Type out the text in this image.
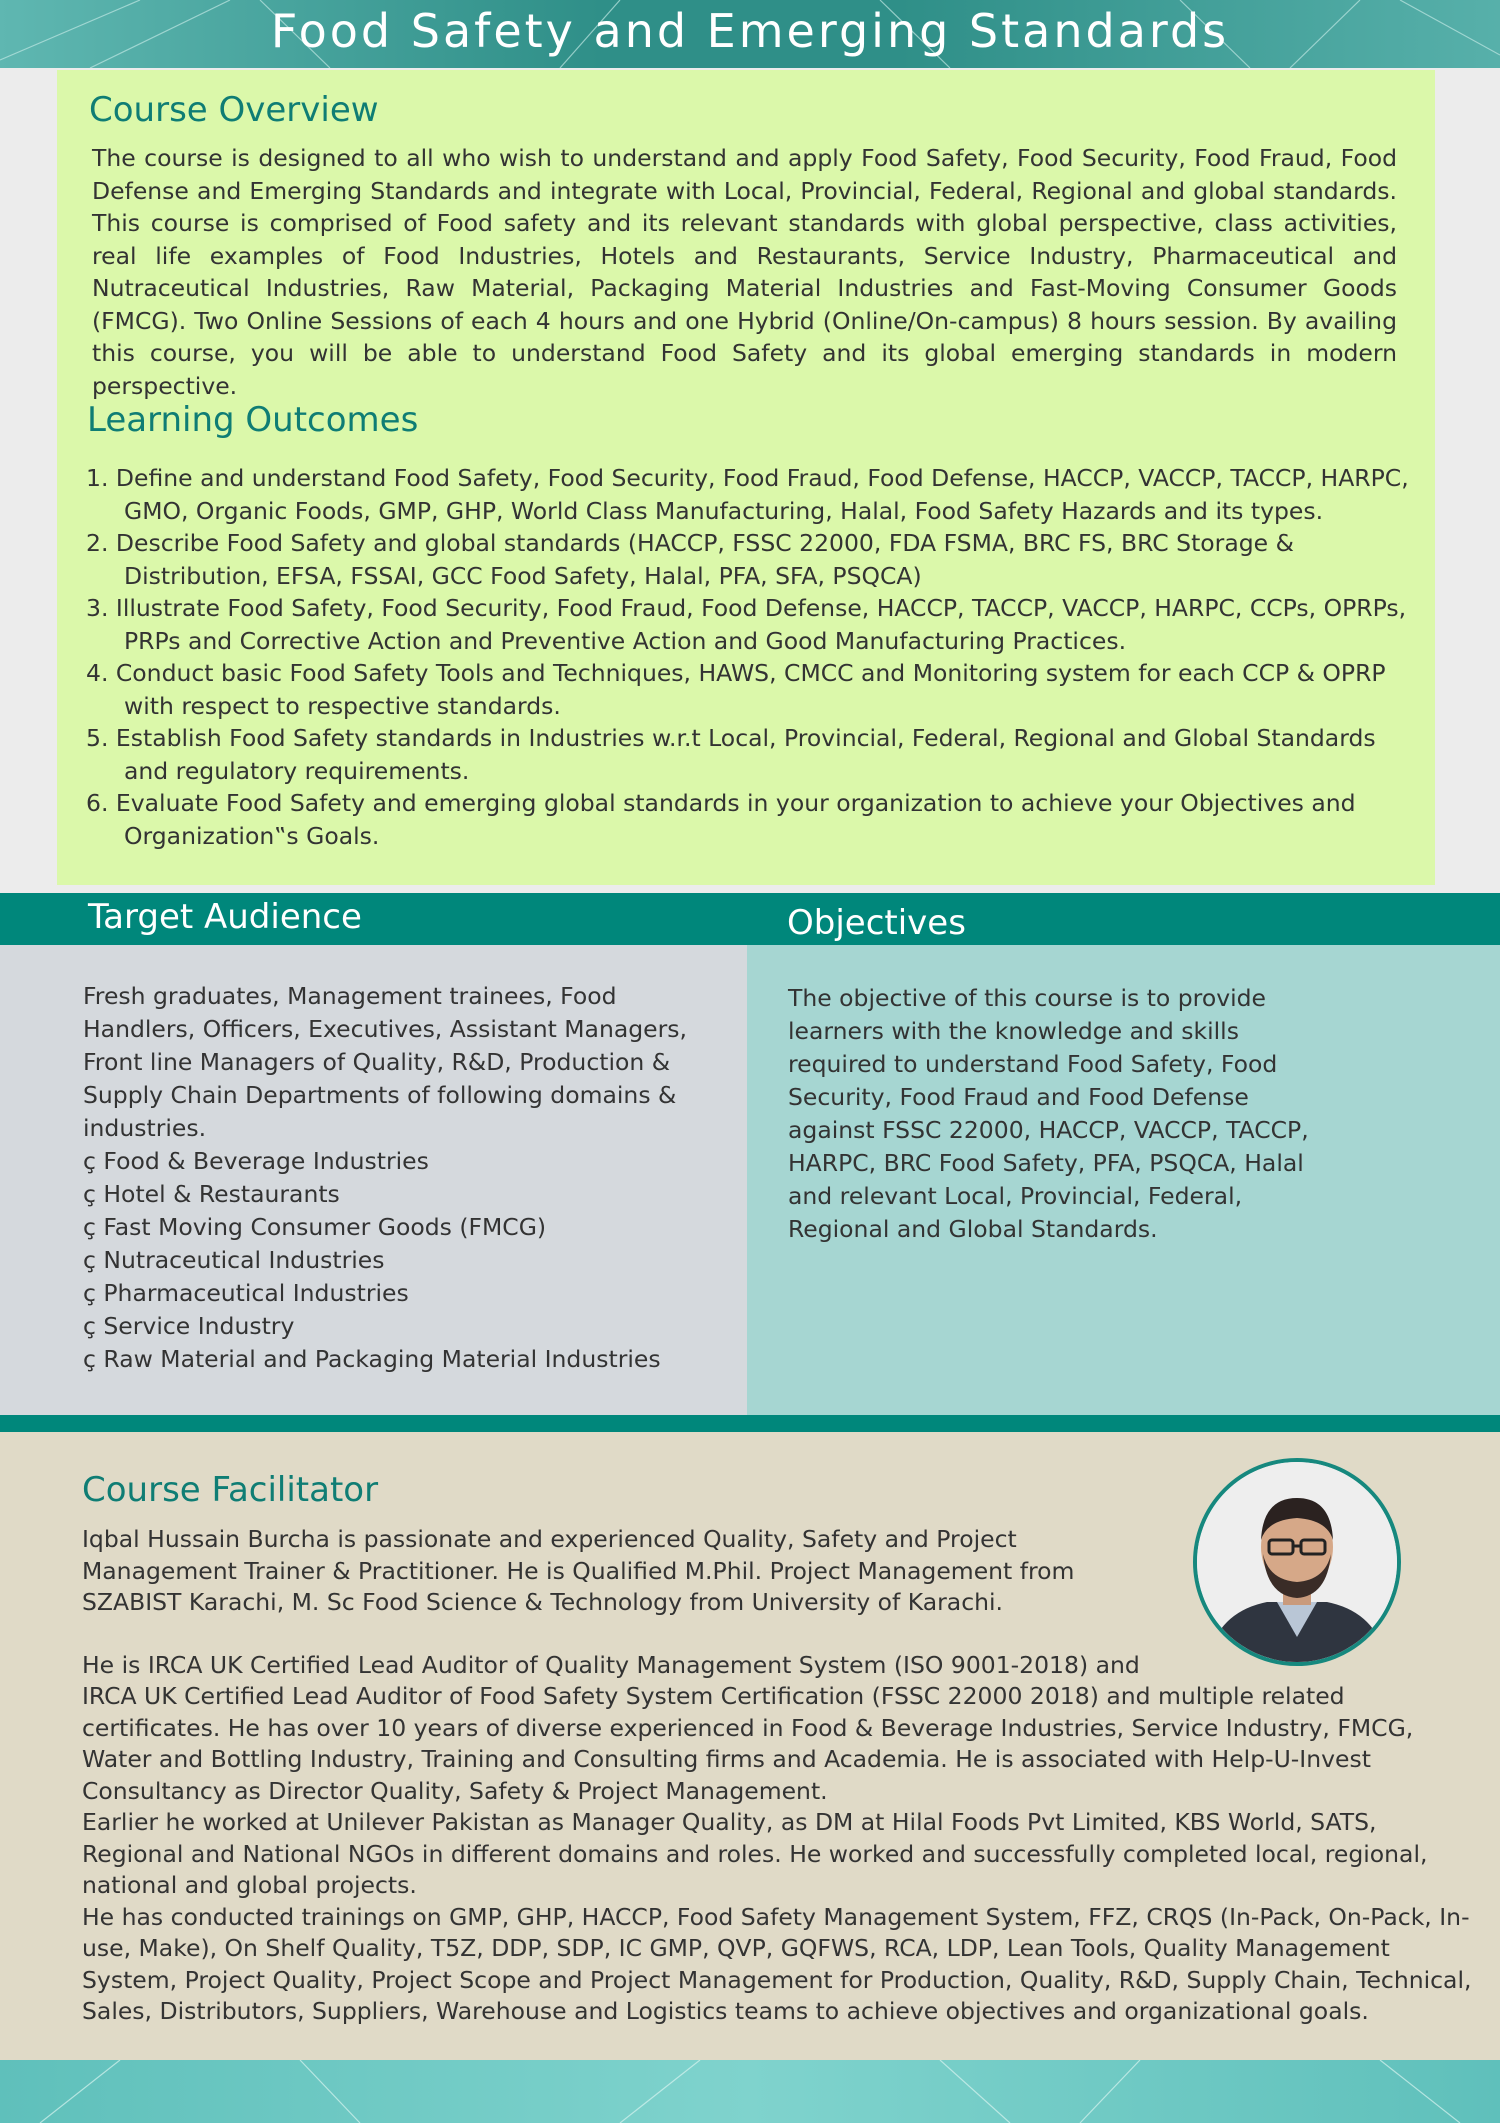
Food Safety and Emerging Standards
Course Overview

The course is designed to all who wish to understand and apply Food Safety, Food Security, Food Fraud, Food Defense and Emerging Standards and integrate with Local, Provincial, Federal, Regional and global standards. This course is comprised of Food safety and its relevant standards with global perspective, class activities, real life examples of Food Industries, Hotels and Restaurants, Service Industry, Pharmaceutical and Nutraceutical Industries, Raw Material, Packaging Material Industries and Fast-Moving Consumer Goods (FMCG). Two Online Sessions of each 4 hours and one Hybrid (Online/On-campus) 8 hours session. By availing this course, you will be able to understand Food Safety and its global emerging standards in modern perspective.

Learning Outcomes
1. Define and understand Food Safety, Food Security, Food Fraud, Food Defense, HACCP, VACCP, TACCP, HARPC, GMO, Organic Foods, GMP, GHP, World Class Manufacturing, Halal, Food Safety Hazards and its types.
2. Describe Food Safety and global standards (HACCP, FSSC 22000, FDA FSMA, BRC FS, BRC Storage & Distribution, EFSA, FSSAI, GCC Food Safety, Halal, PFA, SFA, PSQCA)
3. Illustrate Food Safety, Food Security, Food Fraud, Food Defense, HACCP, TACCP, VACCP, HARPC, CCPs, OPRPs, PRPs and Corrective Action and Preventive Action and Good Manufacturing Practices.
4. Conduct basic Food Safety Tools and Techniques, HAWS, CMCC and Monitoring system for each CCP & OPRP with respect to respective standards.
5. Establish Food Safety standards in Industries w.r.t Local, Provincial, Federal, Regional and Global Standards and regulatory requirements.
6. Evaluate Food Safety and emerging global standards in your organization to achieve your Objectives and Organization‟s Goals.
Target Audience	Objectives

Fresh graduates, Management trainees, Food Handlers, Officers, Executives, Assistant Managers, Front line Managers of Quality, R&D, Production & Supply Chain Departments of following domains & industries.

ç Food & Beverage Industries
ç Hotel & Restaurants
ç Fast Moving Consumer Goods (FMCG)
ç Nutraceutical Industries
ç Pharmaceutical Industries
ç Service Industry
ç Raw Material and Packaging Material Industries

The objective of this course is to provide learners with the knowledge and skills required to understand Food Safety, Food Security, Food Fraud and Food Defense against FSSC 22000, HACCP, VACCP, TACCP, HARPC, BRC Food Safety, PFA, PSQCA, Halal and relevant Local, Provincial, Federal, Regional and Global Standards.

Course Facilitator

Iqbal Hussain Burcha is passionate and experienced Quality, Safety and Project Management Trainer & Practitioner. He is Qualified M.Phil. Project Management from SZABIST Karachi, M. Sc Food Science & Technology from University of Karachi.

He is IRCA UK Certified Lead Auditor of Quality Management System (ISO 9001-2018) and

IRCA UK Certified Lead Auditor of Food Safety System Certification (FSSC 22000 2018) and multiple related certificates. He has over 10 years of diverse experienced in Food & Beverage Industries, Service Industry, FMCG, Water and Bottling Industry, Training and Consulting firms and Academia. He is associated with Help-U-Invest Consultancy as Director Quality, Safety & Project Management.

Earlier he worked at Unilever Pakistan as Manager Quality, as DM at Hilal Foods Pvt Limited, KBS World, SATS, Regional and National NGOs in different domains and roles. He worked and successfully completed local, regional, national and global projects.

He has conducted trainings on GMP, GHP, HACCP, Food Safety Management System, FFZ, CRQS (In-Pack, On-Pack, In-use, Make), On Shelf Quality, T5Z, DDP, SDP, IC GMP, QVP, GQFWS, RCA, LDP, Lean Tools, Quality Management System, Project Quality, Project Scope and Project Management for Production, Quality, R&D, Supply Chain, Technical, Sales, Distributors, Suppliers, Warehouse and Logistics teams to achieve objectives and organizational goals.
